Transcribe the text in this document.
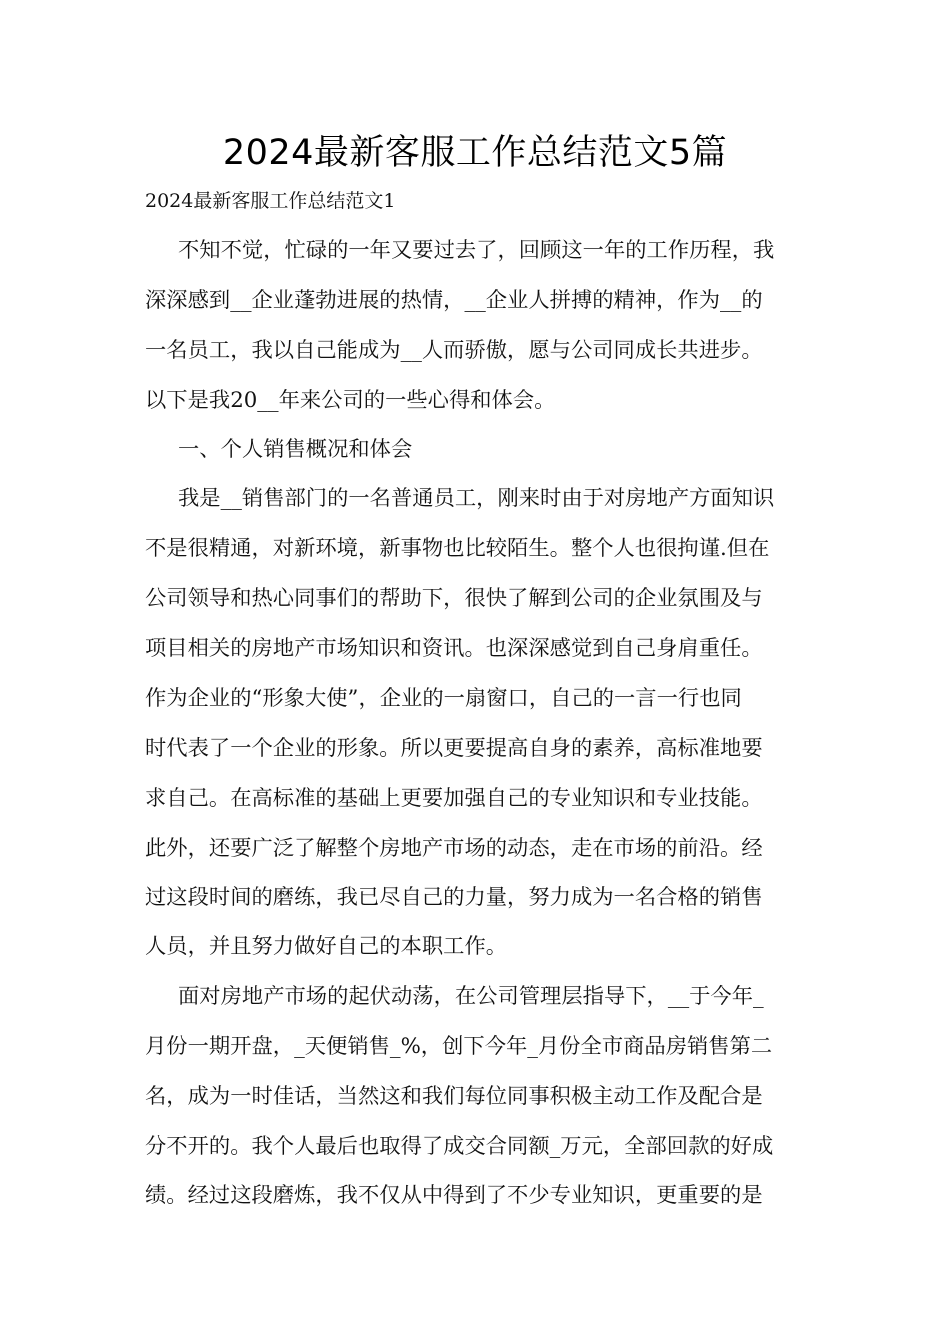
2024最新客服工作总结范文5篇
2024最新客服工作总结范文1
不知不觉，忙碌的一年又要过去了，回顾这一年的工作历程，我
深深感到__企业蓬勃进展的热情，__企业人拼搏的精神，作为__的
一名员工，我以自己能成为__人而骄傲，愿与公司同成长共进步。
以下是我20__年来公司的一些心得和体会。
一、个人销售概况和体会
我是__销售部门的一名普通员工，刚来时由于对房地产方面知识
不是很精通，对新环境，新事物也比较陌生。整个人也很拘谨.但在
公司领导和热心同事们的帮助下，很快了解到公司的企业氛围及与
项目相关的房地产市场知识和资讯。也深深感觉到自己身肩重任。
作为企业的“形象大使”，企业的一扇窗口，自己的一言一行也同
时代表了一个企业的形象。所以更要提高自身的素养，高标准地要
求自己。在高标准的基础上更要加强自己的专业知识和专业技能。
此外，还要广泛了解整个房地产市场的动态，走在市场的前沿。经
过这段时间的磨练，我已尽自己的力量，努力成为一名合格的销售
人员，并且努力做好自己的本职工作。
面对房地产市场的起伏动荡，在公司管理层指导下，__于今年_
月份一期开盘，_天便销售_%，创下今年_月份全市商品房销售第二
名，成为一时佳话，当然这和我们每位同事积极主动工作及配合是
分不开的。我个人最后也取得了成交合同额_万元，全部回款的好成
绩。经过这段磨炼，我不仅从中得到了不少专业知识，更重要的是
